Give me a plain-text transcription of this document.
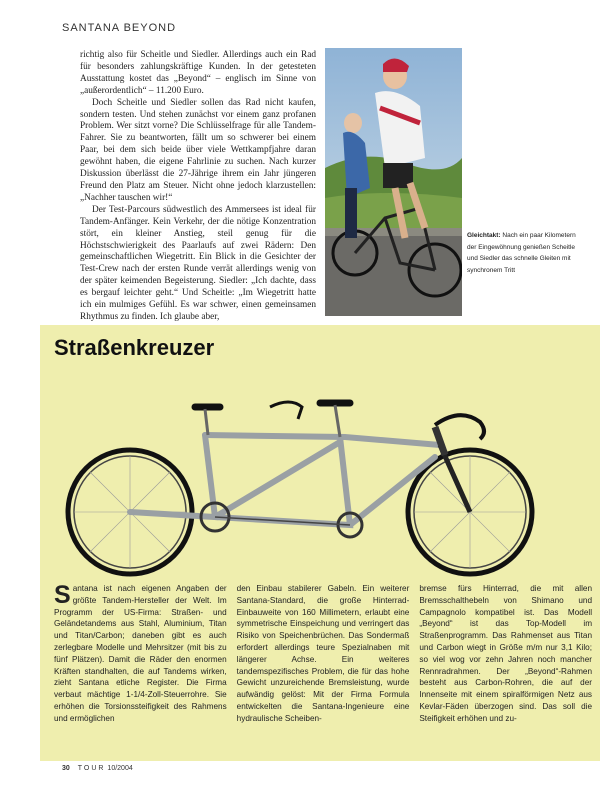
SANTANA BEYOND

richtig also für Scheitle und Siedler. Allerdings auch ein Rad für besonders zahlungskräftige Kunden. In der getesteten Ausstattung kostet das „Beyond“ – englisch im Sinne von „außerordentlich“ – 11.200 Euro.

Doch Scheitle und Siedler sollen das Rad nicht kaufen, sondern testen. Und stehen zunächst vor einem ganz profanen Problem. Wer sitzt vorne? Die Schlüsselfrage für alle Tandem-Fahrer. Sie zu beantworten, fällt um so schwerer bei einem Paar, bei dem sich beide über viele Wettkampfjahre daran gewöhnt haben, die eigene Fahrlinie zu suchen. Nach kurzer Diskussion überlässt die 27-Jährige ihrem ein Jahr jüngeren Freund den Platz am Steuer. Nicht ohne jedoch klarzustellen: „Nachher tauschen wir!“

Der Test-Parcours südwestlich des Ammersees ist ideal für Tandem-Anfänger. Kein Verkehr, der die nötige Konzentration stört, ein kleiner Anstieg, steil genug für die Höchstschwierigkeit des Paarlaufs auf zwei Rädern: Den gemeinschaftlichen Wiegetritt. Ein Blick in die Gesichter der Test-Crew nach der ersten Runde verrät allerdings wenig von der später keimenden Begeisterung. Siedler: „Ich dachte, dass es bergauf leichter geht.“ Und Scheitle: „Im Wiegetritt hatte ich ein mulmiges Gefühl. Es war schwer, einen gemeinsamen Rhythmus zu finden. Ich glaube aber,

Gleichtakt: Nach ein paar Kilometern der Eingewöhnung genießen Scheitle und Siedler das schnelle Gleiten mit synchronem Tritt
Straßenkreuzer
Santana ist nach eigenen Angaben der größte Tandem-Hersteller der Welt. Im Programm der US-Firma: Straßen- und Geländetandems aus Stahl, Aluminium, Titan und Titan/Carbon; daneben gibt es auch zerlegbare Modelle und Mehrsitzer (mit bis zu fünf Plätzen). Damit die Räder den enormen Kräften standhalten, die auf Tandems wirken, zieht Santana etliche Register. Die Firma verbaut mächtige 1-1/4-Zoll-Steuerrohre. Sie erhöhen die Torsionssteifigkeit des Rahmens und ermöglichen
den Einbau stabilerer Gabeln. Ein weiterer Santana-Standard, die große Hinterrad-Einbauweite von 160 Millimetern, erlaubt eine symmetrische Einspeichung und verringert das Risiko von Speichenbrüchen. Das Sondermaß erfordert allerdings teure Spezialnaben mit längerer Achse. Ein weiteres tandemspezifisches Problem, die für das hohe Gewicht unzureichende Bremsleistung, wurde aufwändig gelöst: Mit der Firma Formula entwickelten die Santana-Ingenieure eine hydraulische Scheiben-
bremse fürs Hinterrad, die mit allen Bremsschalthebeln von Shimano und Campagnolo kompatibel ist. Das Modell „Beyond“ ist das Top-Modell im Straßenprogramm. Das Rahmenset aus Titan und Carbon wiegt in Größe m/m nur 3,1 Kilo; so viel wog vor zehn Jahren noch mancher Rennradrahmen. Der „Beyond“-Rahmen besteht aus Carbon-Rohren, die auf der Innenseite mit einem spiralförmigen Netz aus Kevlar-Fäden überzogen sind. Das soll die Steifigkeit erhöhen und zu-
30 TOUR 10/2004
